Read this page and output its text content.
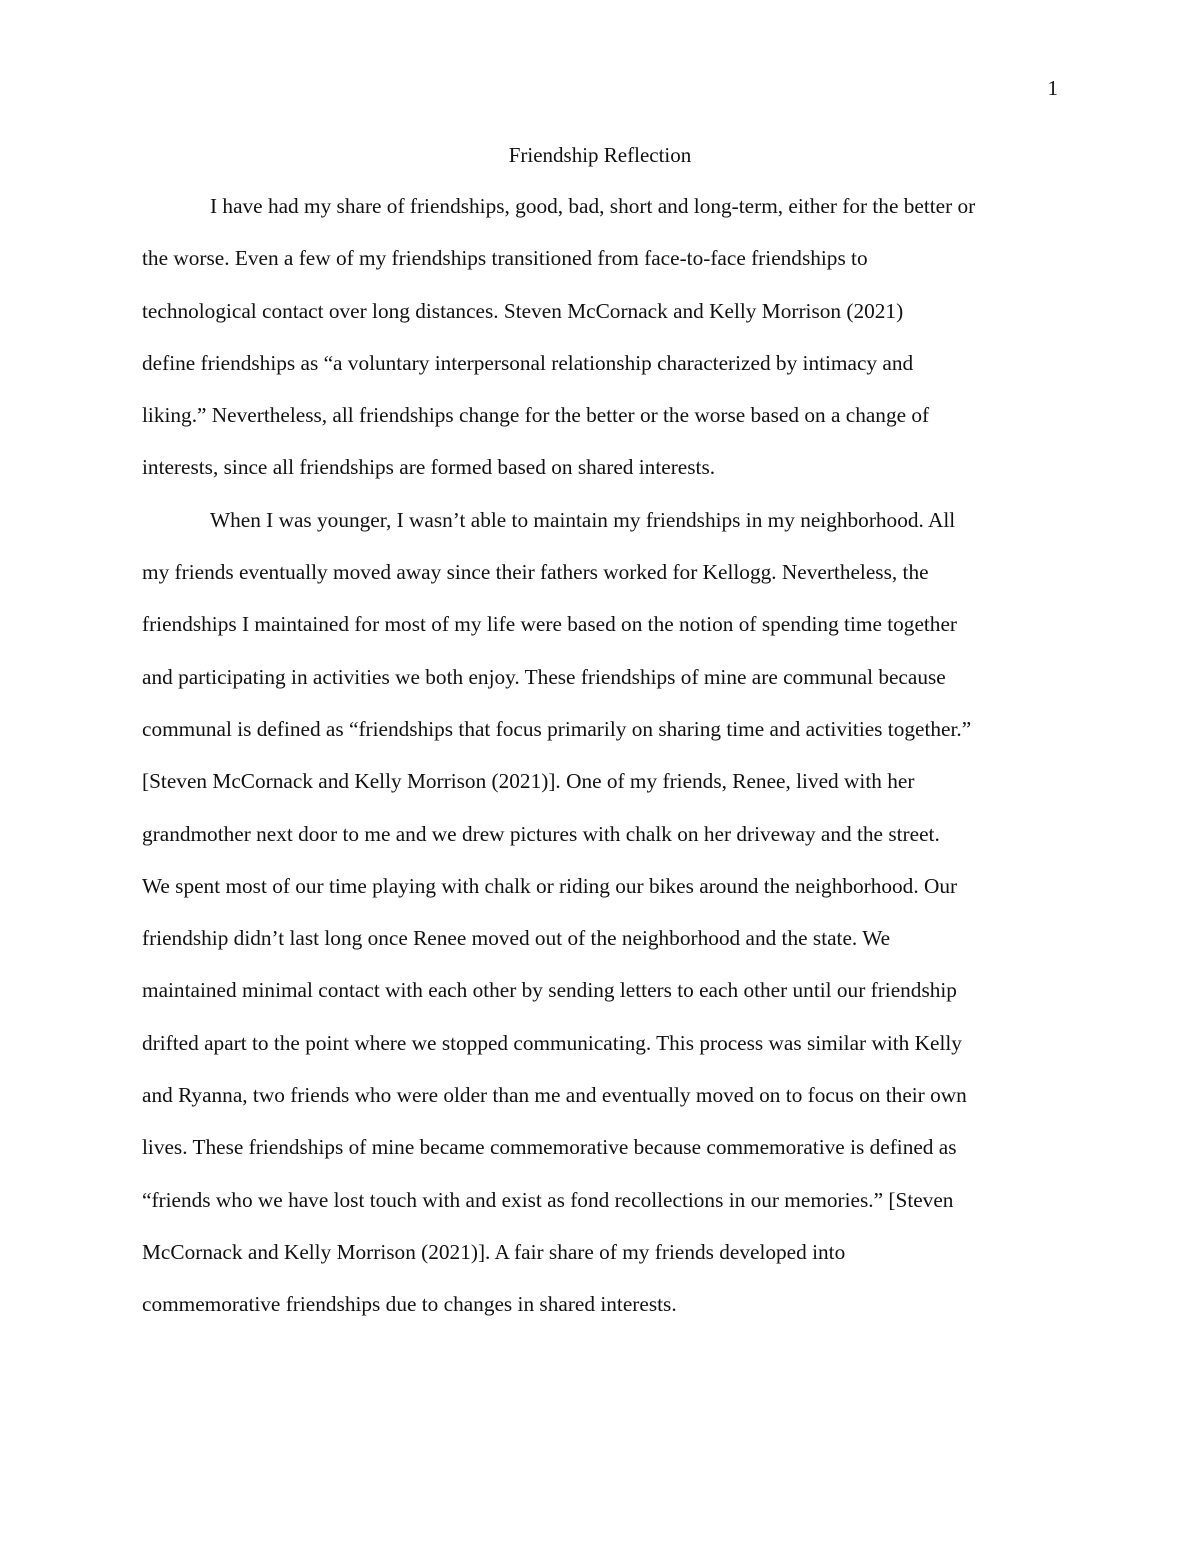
1
Friendship Reflection
I have had my share of friendships, good, bad, short and long-term, either for the better or
the worse. Even a few of my friendships transitioned from face-to-face friendships to
technological contact over long distances. Steven McCornack and Kelly Morrison (2021)
define friendships as “a voluntary interpersonal relationship characterized by intimacy and
liking.” Nevertheless, all friendships change for the better or the worse based on a change of
interests, since all friendships are formed based on shared interests.
When I was younger, I wasn’t able to maintain my friendships in my neighborhood. All
my friends eventually moved away since their fathers worked for Kellogg. Nevertheless, the
friendships I maintained for most of my life were based on the notion of spending time together
and participating in activities we both enjoy. These friendships of mine are communal because
communal is defined as “friendships that focus primarily on sharing time and activities together.”
[Steven McCornack and Kelly Morrison (2021)]. One of my friends, Renee, lived with her
grandmother next door to me and we drew pictures with chalk on her driveway and the street.
We spent most of our time playing with chalk or riding our bikes around the neighborhood. Our
friendship didn’t last long once Renee moved out of the neighborhood and the state. We
maintained minimal contact with each other by sending letters to each other until our friendship
drifted apart to the point where we stopped communicating. This process was similar with Kelly
and Ryanna, two friends who were older than me and eventually moved on to focus on their own
lives. These friendships of mine became commemorative because commemorative is defined as
“friends who we have lost touch with and exist as fond recollections in our memories.” [Steven
McCornack and Kelly Morrison (2021)]. A fair share of my friends developed into
commemorative friendships due to changes in shared interests.
